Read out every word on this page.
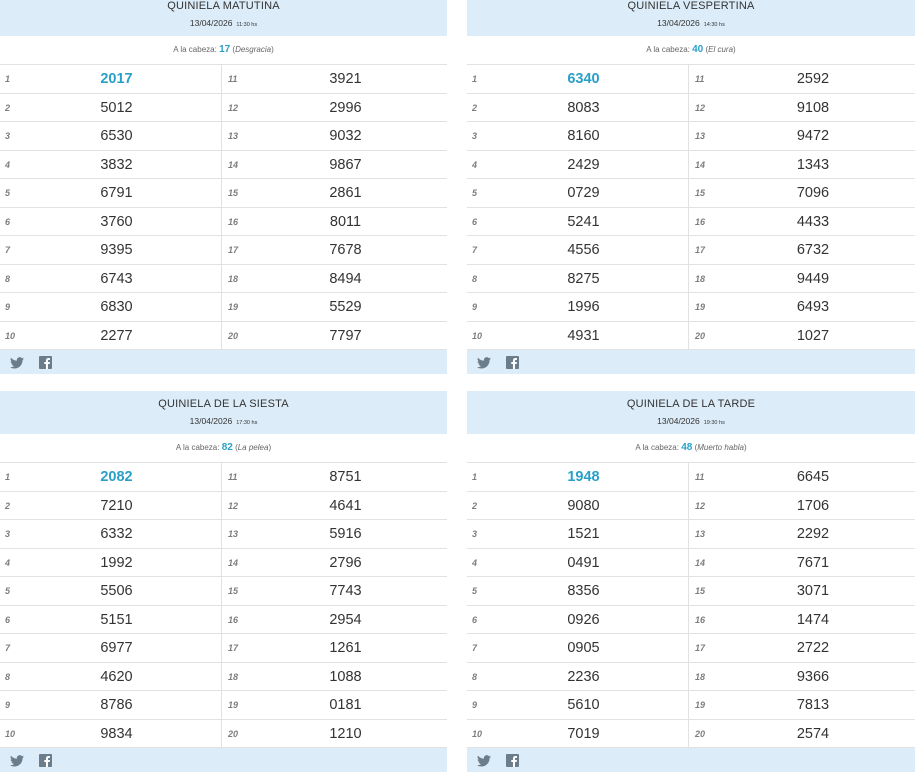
QUINIELA MATUTINA
13/04/2026 11:30 hs
A la cabeza: 17 (Desgracia)
1	2017
2	5012
3	6530
4	3832
5	6791
6	3760
7	9395
8	6743
9	6830
10	2277
11	3921
12	2996
13	9032
14	9867
15	2861
16	8011
17	7678
18	8494
19	5529
20	7797
QUINIELA VESPERTINA
13/04/2026 14:30 hs
A la cabeza: 40 (El cura)
1	6340
2	8083
3	8160
4	2429
5	0729
6	5241
7	4556
8	8275
9	1996
10	4931
11	2592
12	9108
13	9472
14	1343
15	7096
16	4433
17	6732
18	9449
19	6493
20	1027
QUINIELA DE LA SIESTA
13/04/2026 17:30 hs
A la cabeza: 82 (La pelea)
1	2082
2	7210
3	6332
4	1992
5	5506
6	5151
7	6977
8	4620
9	8786
10	9834
11	8751
12	4641
13	5916
14	2796
15	7743
16	2954
17	1261
18	1088
19	0181
20	1210
QUINIELA DE LA TARDE
13/04/2026 19:30 hs
A la cabeza: 48 (Muerto habla)
1	1948
2	9080
3	1521
4	0491
5	8356
6	0926
7	0905
8	2236
9	5610
10	7019
11	6645
12	1706
13	2292
14	7671
15	3071
16	1474
17	2722
18	9366
19	7813
20	2574
